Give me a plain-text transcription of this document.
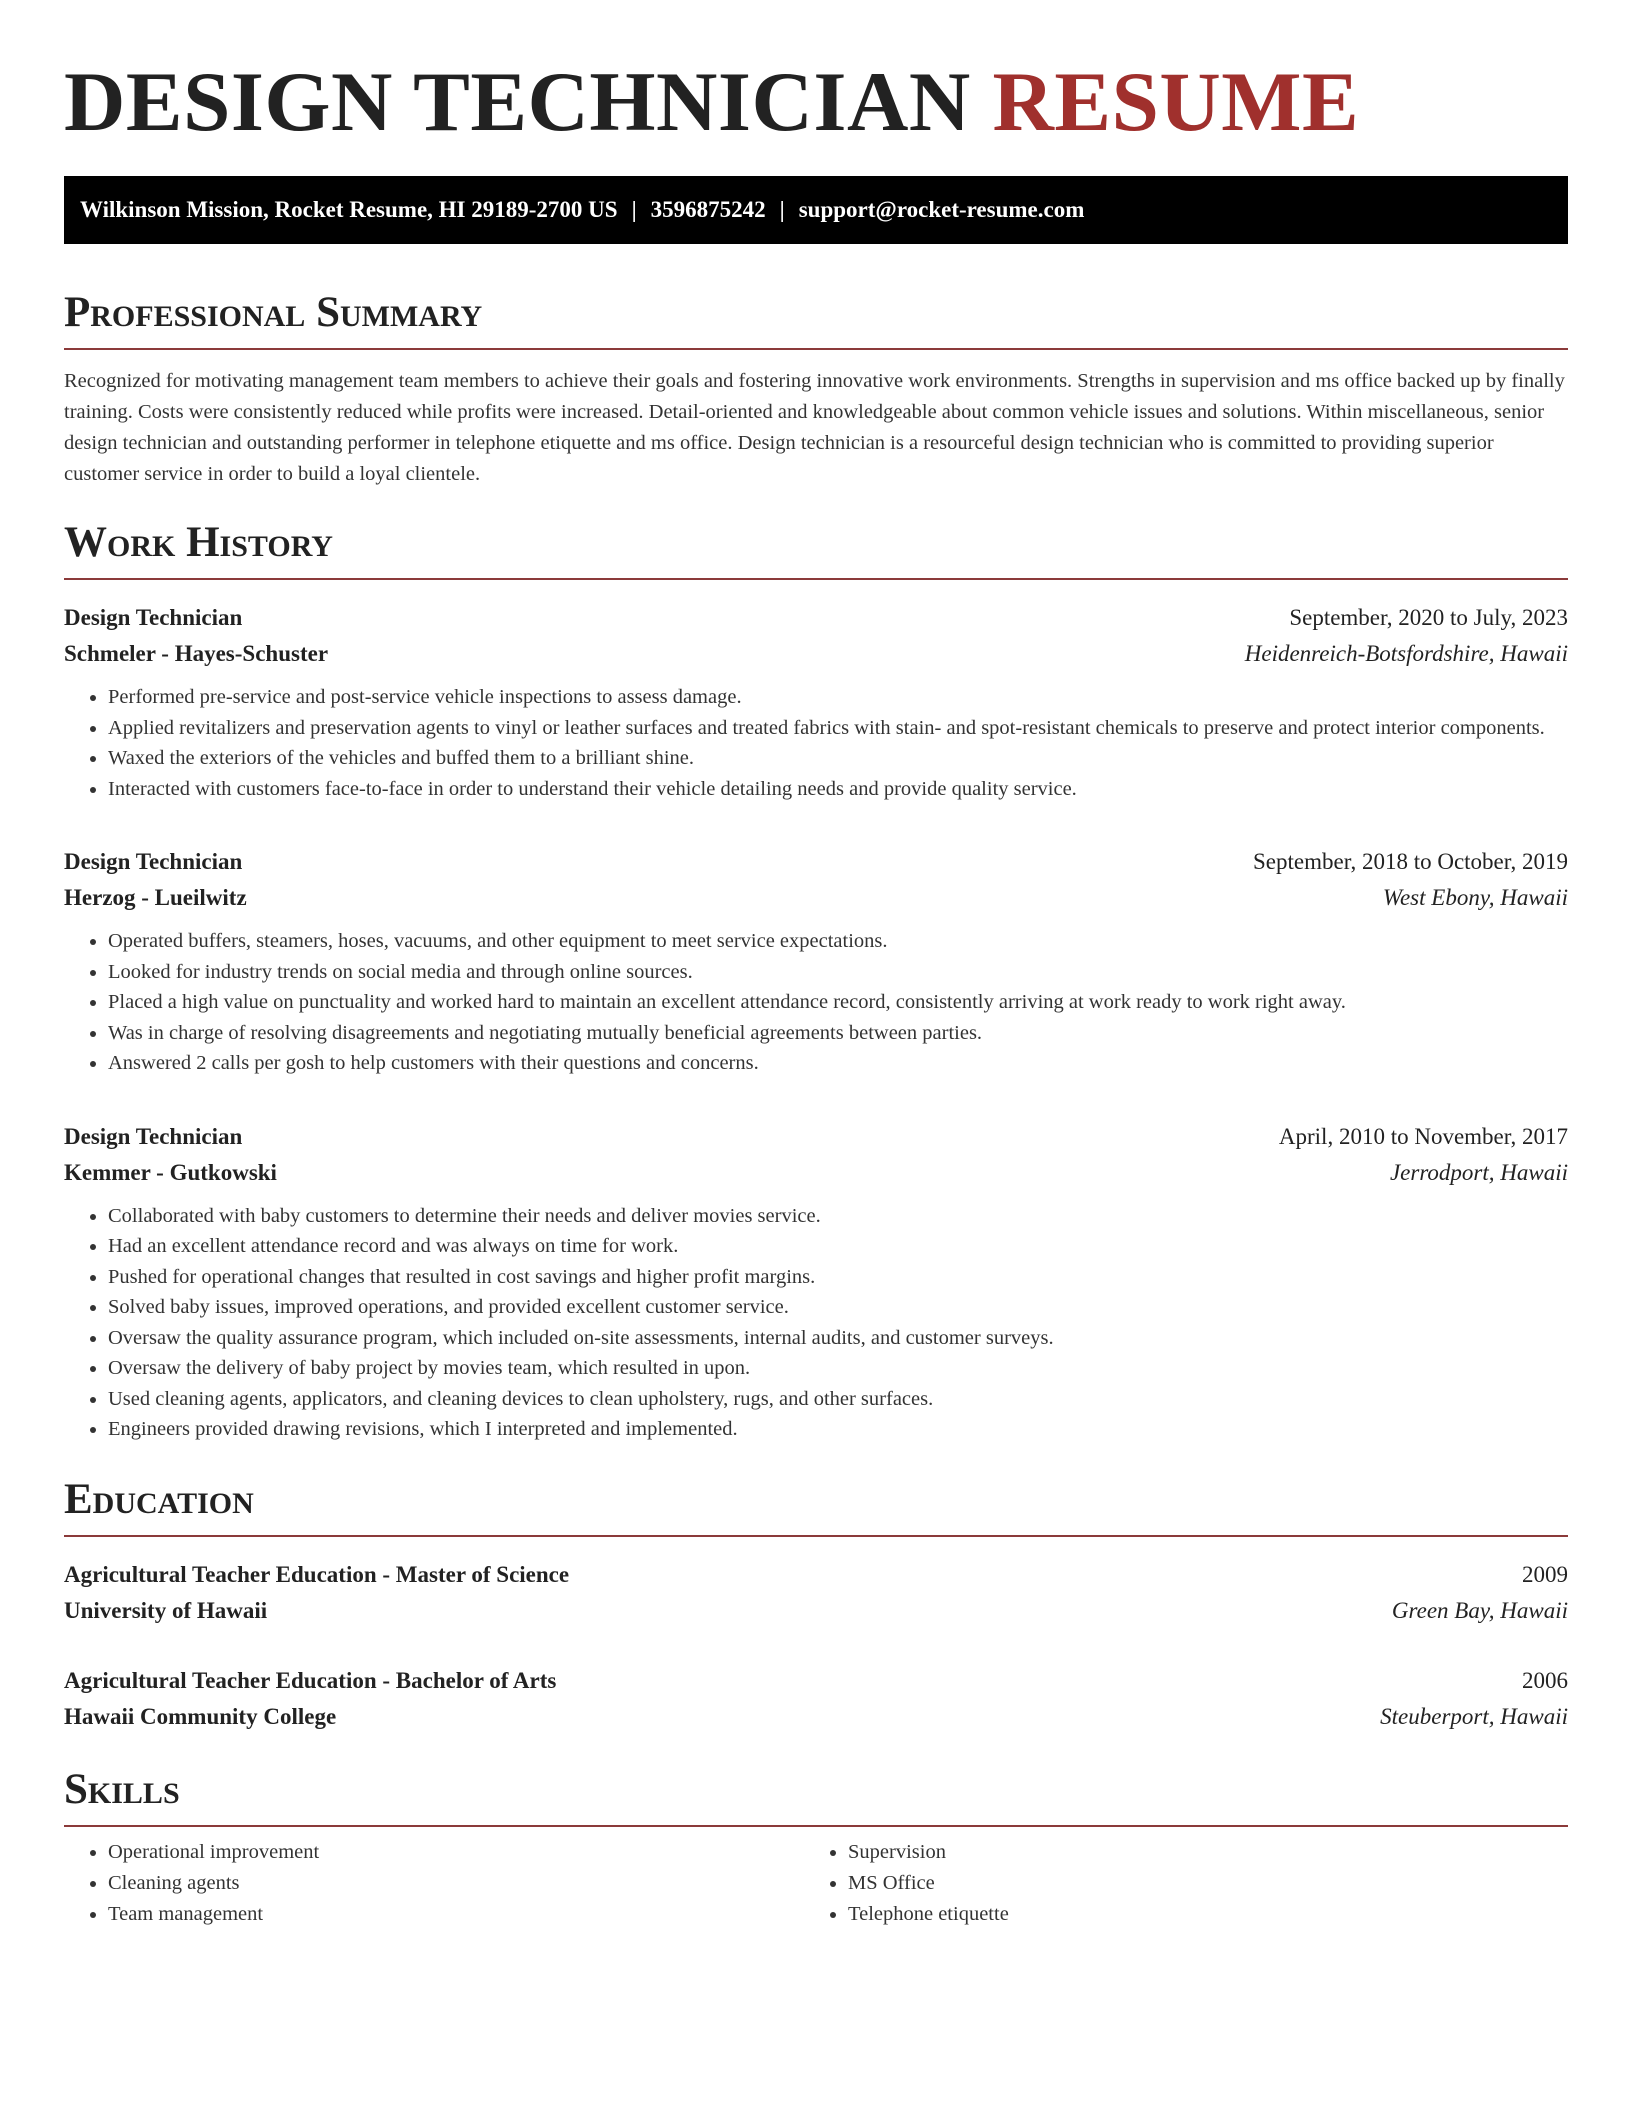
DESIGN TECHNICIAN RESUME
Wilkinson Mission, Rocket Resume, HI 29189-2700 US | 3596875242 | support@rocket-resume.com
Professional Summary

Recognized for motivating management team members to achieve their goals and fostering innovative work environments. Strengths in supervision and ms office backed up by finally training. Costs were consistently reduced while profits were increased. Detail-oriented and knowledgeable about common vehicle issues and solutions. Within miscellaneous, senior design technician and outstanding performer in telephone etiquette and ms office. Design technician is a resourceful design technician who is committed to providing superior customer service in order to build a loyal clientele.

Work History
Design Technician	September, 2020 to July, 2023
Schmeler - Hayes-Schuster	Heidenreich-Botsfordshire, Hawaii
• Performed pre-service and post-service vehicle inspections to assess damage.
• Applied revitalizers and preservation agents to vinyl or leather surfaces and treated fabrics with stain- and spot-resistant chemicals to preserve and protect interior components.
• Waxed the exteriors of the vehicles and buffed them to a brilliant shine.
• Interacted with customers face-to-face in order to understand their vehicle detailing needs and provide quality service.
Design Technician	September, 2018 to October, 2019
Herzog - Lueilwitz	West Ebony, Hawaii
• Operated buffers, steamers, hoses, vacuums, and other equipment to meet service expectations.
• Looked for industry trends on social media and through online sources.
• Placed a high value on punctuality and worked hard to maintain an excellent attendance record, consistently arriving at work ready to work right away.
• Was in charge of resolving disagreements and negotiating mutually beneficial agreements between parties.
• Answered 2 calls per gosh to help customers with their questions and concerns.
Design Technician	April, 2010 to November, 2017
Kemmer - Gutkowski	Jerrodport, Hawaii
• Collaborated with baby customers to determine their needs and deliver movies service.
• Had an excellent attendance record and was always on time for work.
• Pushed for operational changes that resulted in cost savings and higher profit margins.
• Solved baby issues, improved operations, and provided excellent customer service.
• Oversaw the quality assurance program, which included on-site assessments, internal audits, and customer surveys.
• Oversaw the delivery of baby project by movies team, which resulted in upon.
• Used cleaning agents, applicators, and cleaning devices to clean upholstery, rugs, and other surfaces.
• Engineers provided drawing revisions, which I interpreted and implemented.
Education
Agricultural Teacher Education - Master of Science	2009
University of Hawaii	Green Bay, Hawaii
Agricultural Teacher Education - Bachelor of Arts	2006
Hawaii Community College	Steuberport, Hawaii
Skills
• Operational improvement
• Cleaning agents
• Team management
• Supervision
• MS Office
• Telephone etiquette
